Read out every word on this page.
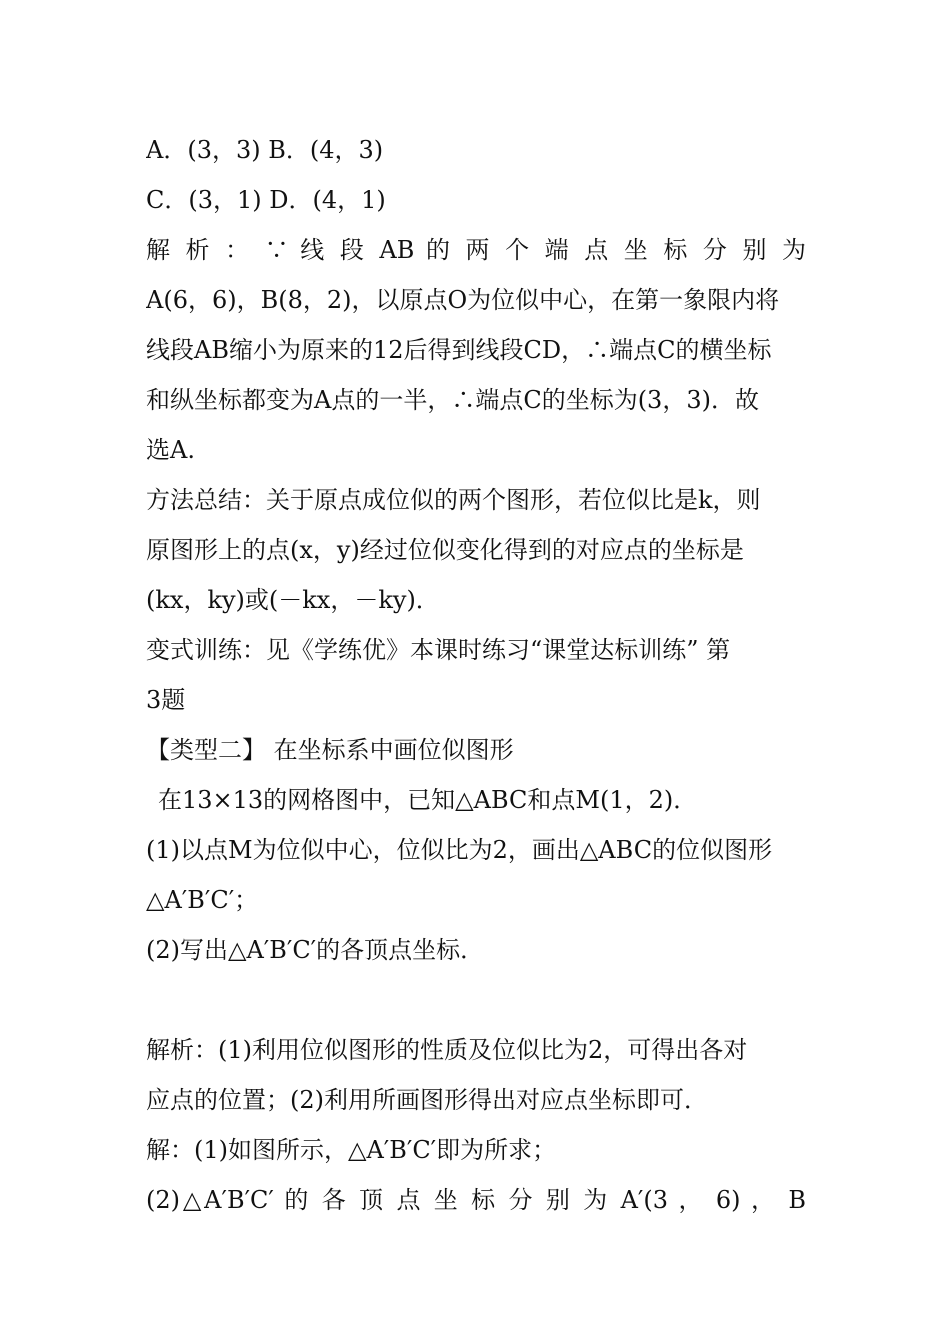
A．(3，3) B．(4，3)
C．(3，1) D．(4，1)
解 析 ： ∵ 线 段 AB 的 两 个 端 点 坐 标 分 别 为
A(6，6)，B(8，2)，以原点O为位似中心，在第一象限内将
线段AB缩小为原来的12后得到线段CD，∴端点C的横坐标
和纵坐标都变为A点的一半，∴端点C的坐标为(3，3)．故
选A.
方法总结：关于原点成位似的两个图形，若位似比是k，则
原图形上的点(x，y)经过位似变化得到的对应点的坐标是
(kx，ky)或(－kx，－ky)．
变式训练：见《学练优》本课时练习“课堂达标训练” 第
3题
【类型二】 在坐标系中画位似图形
在13×13的网格图中，已知△ABC和点M(1，2)．
(1)以点M为位似中心，位似比为2，画出△ABC的位似图形
△A′B′C′；
(2)写出△A′B′C′的各顶点坐标．
解析：(1)利用位似图形的性质及位似比为2，可得出各对
应点的位置；(2)利用所画图形得出对应点坐标即可．
解：(1)如图所示，△A′B′C′即为所求；
(2)△A′B′C′ 的 各 顶 点 坐 标 分 别 为 A′(3 ， 6) ， B
